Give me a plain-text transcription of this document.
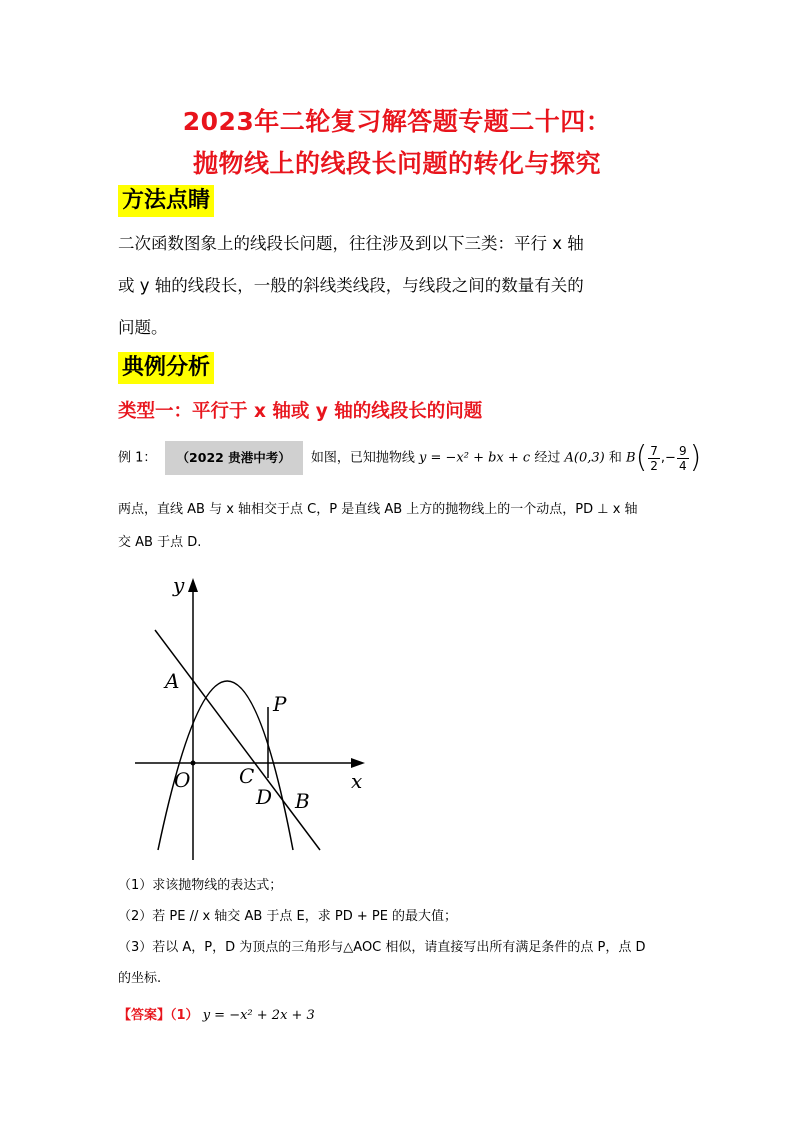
2023年二轮复习解答题专题二十四：
抛物线上的线段长问题的转化与探究
方法点睛
二次函数图象上的线段长问题，往往涉及到以下三类：平行 x 轴
或 y 轴的线段长，一般的斜线类线段，与线段之间的数量有关的
问题。
典例分析
类型一：平行于 x 轴或 y 轴的线段长的问题
例 1： （2022 贵港中考） 如图，已知抛物线 y = −x² + bx + c 经过 A(0,3) 和 $B( \frac{7}{2}$ ,− $\frac{9}{4}$ )
两点，直线 AB 与 x 轴相交于点 C，P 是直线 AB 上方的抛物线上的一个动点，PD ⊥ x 轴
交 AB 于点 D.
y
x
A
O C
P
D B
（1）求该抛物线的表达式；
（2）若 PE // x 轴交 AB 于点 E，求 PD + PE 的最大值；
（3）若以 A，P，D 为顶点的三角形与△AOC 相似，请直接写出所有满足条件的点 P，点 D
的坐标.
【答案】（1） y = −x² + 2x + 3
